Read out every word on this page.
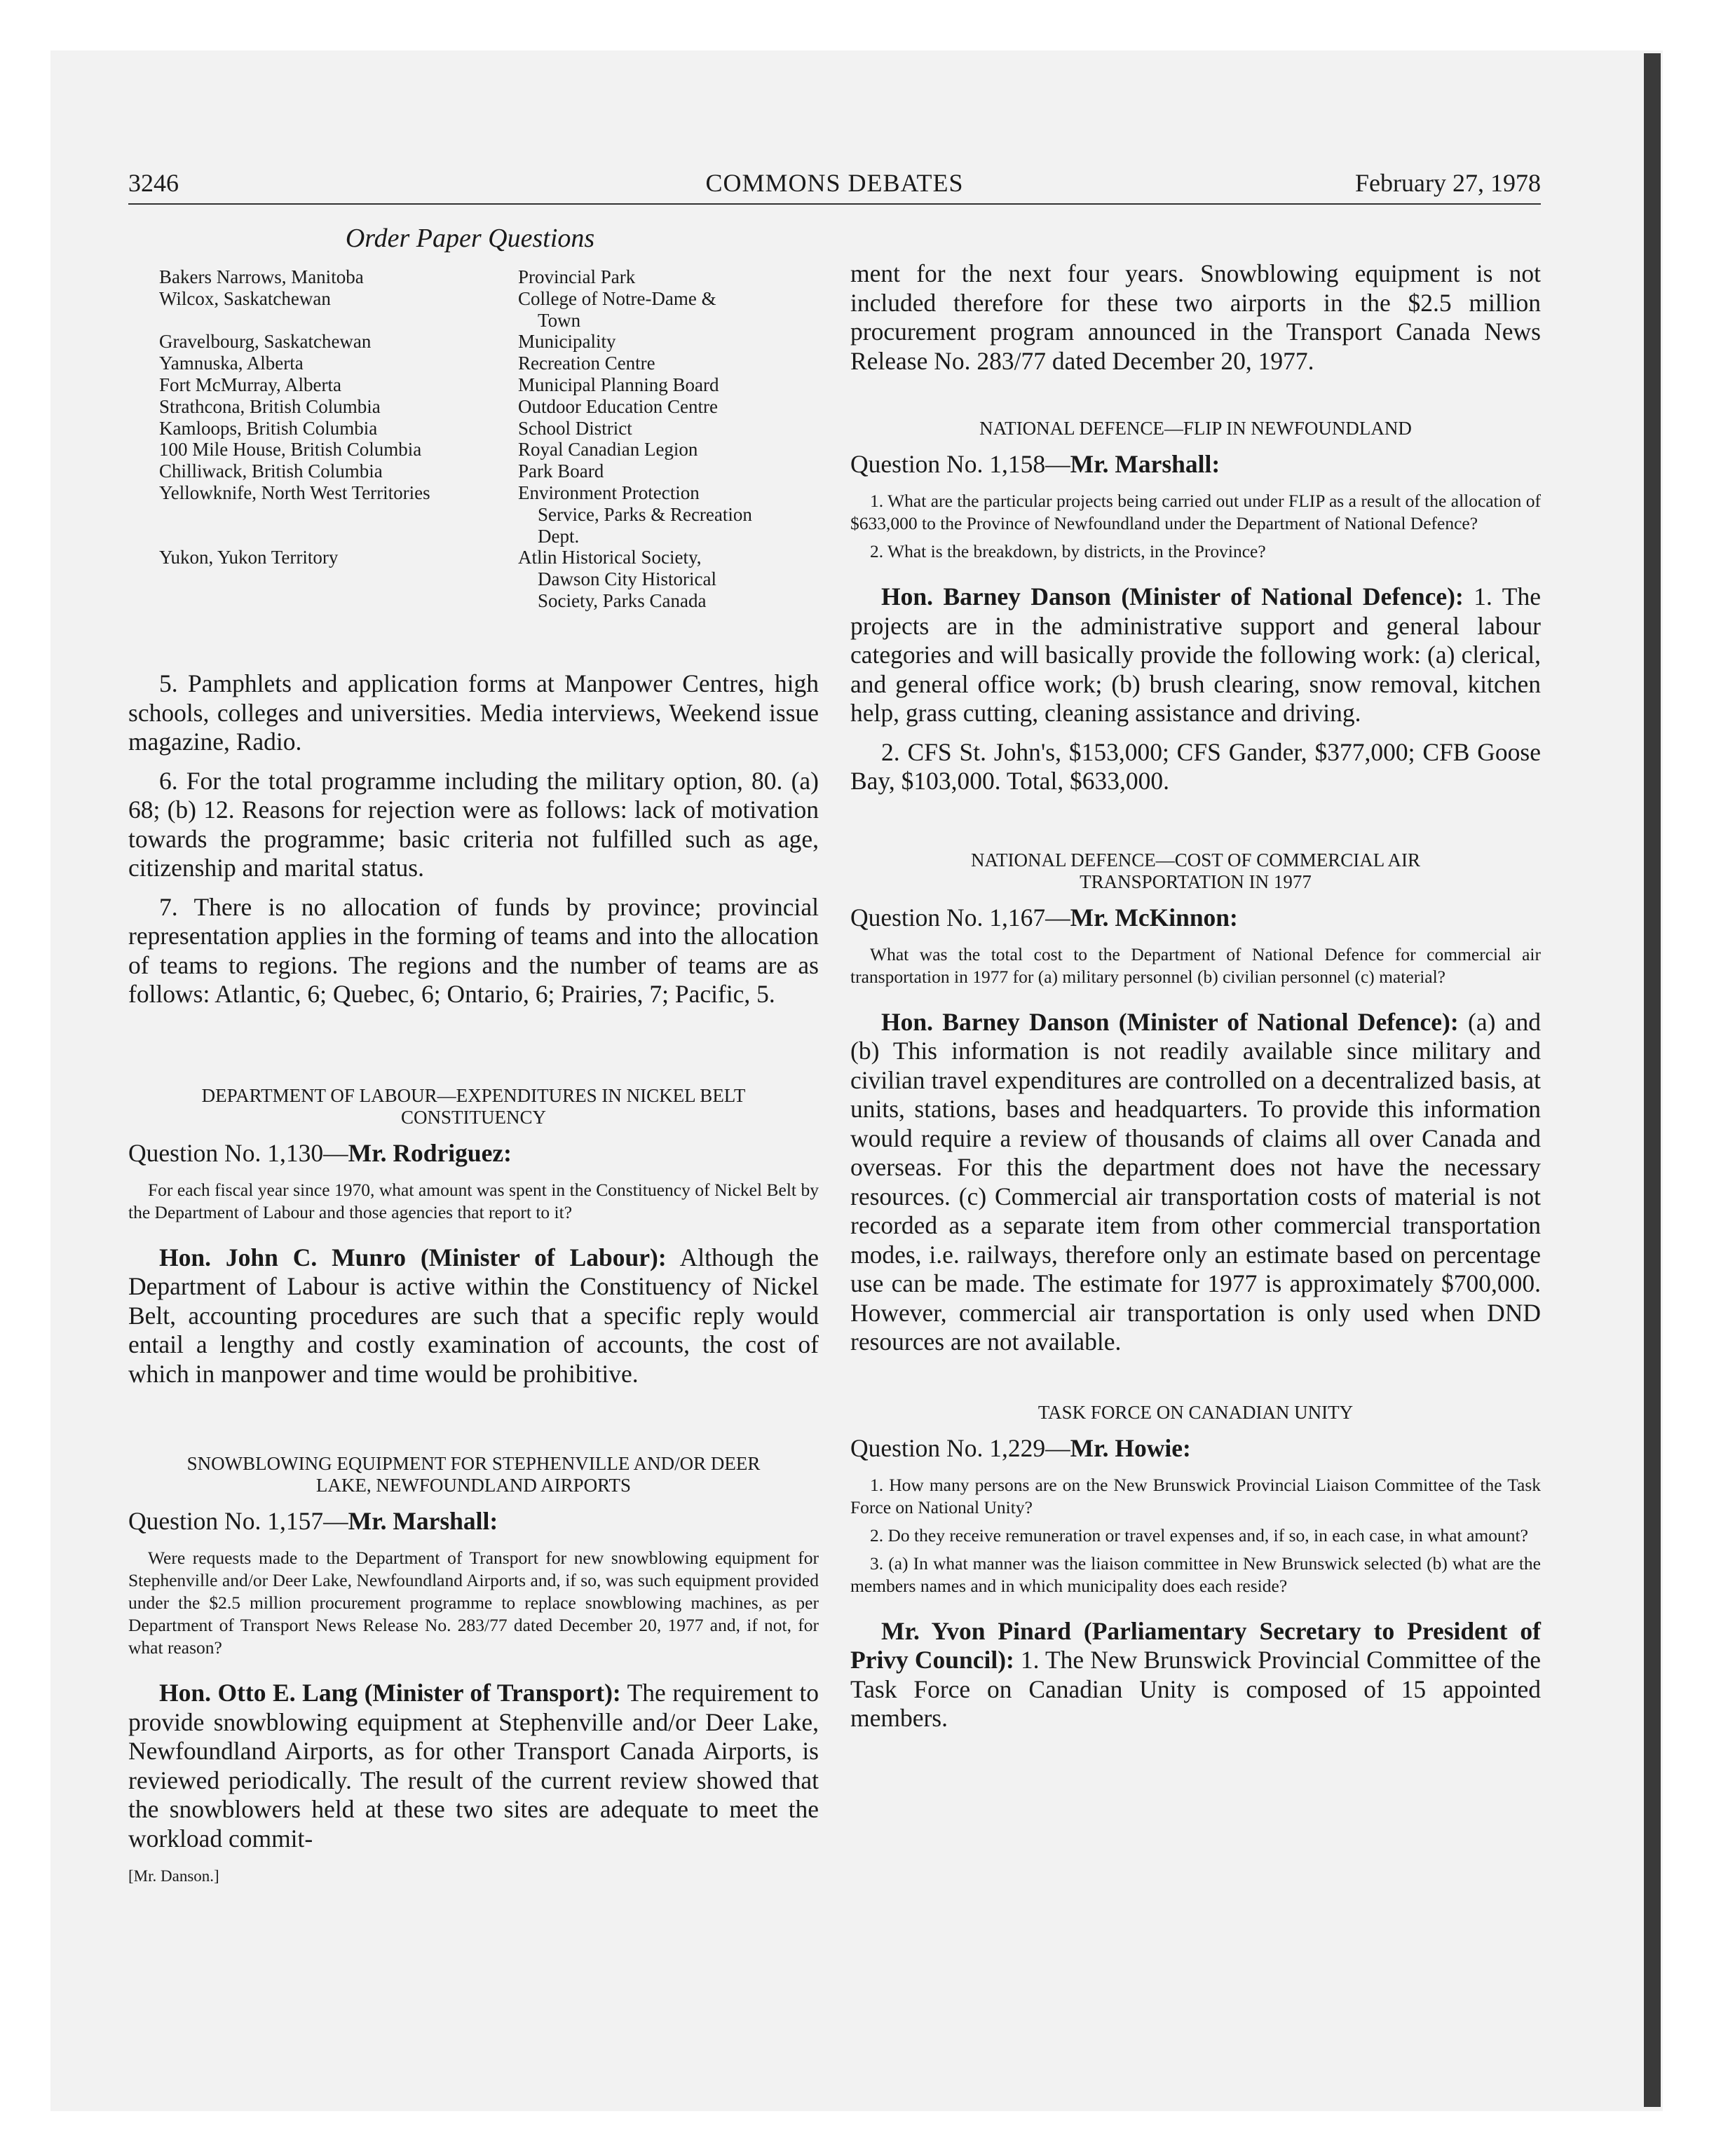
3246	COMMONS DEBATES	February 27, 1978
Order Paper Questions
Bakers Narrows, Manitoba	Provincial Park
Wilcox, Saskatchewan	College of Notre-Dame &
Town
Gravelbourg, Saskatchewan	Municipality
Yamnuska, Alberta	Recreation Centre
Fort McMurray, Alberta	Municipal Planning Board
Strathcona, British Columbia	Outdoor Education Centre
Kamloops, British Columbia	School District
100 Mile House, British Columbia	Royal Canadian Legion
Chilliwack, British Columbia	Park Board
Yellowknife, North West Territories	Environment Protection
Service, Parks & Recreation
Dept.
Yukon, Yukon Territory	Atlin Historical Society,
Dawson City Historical
Society, Parks Canada

5. Pamphlets and application forms at Manpower Centres, high schools, colleges and universities. Media interviews, Weekend issue magazine, Radio.

6. For the total programme including the military option, 80. (a) 68; (b) 12. Reasons for rejection were as follows: lack of motivation towards the programme; basic criteria not fulfilled such as age, citizenship and marital status.

7. There is no allocation of funds by province; provincial representation applies in the forming of teams and into the allocation of teams to regions. The regions and the number of teams are as follows: Atlantic, 6; Quebec, 6; Ontario, 6; Prairies, 7; Pacific, 5.

DEPARTMENT OF LABOUR—EXPENDITURES IN NICKEL BELT CONSTITUENCY

Question No. 1,130—Mr. Rodriguez:

For each fiscal year since 1970, what amount was spent in the Constituency of Nickel Belt by the Department of Labour and those agencies that report to it?

Hon. John C. Munro (Minister of Labour): Although the Department of Labour is active within the Constituency of Nickel Belt, accounting procedures are such that a specific reply would entail a lengthy and costly examination of accounts, the cost of which in manpower and time would be prohibitive.

SNOWBLOWING EQUIPMENT FOR STEPHENVILLE AND/OR DEER LAKE, NEWFOUNDLAND AIRPORTS

Question No. 1,157—Mr. Marshall:

Were requests made to the Department of Transport for new snowblowing equipment for Stephenville and/or Deer Lake, Newfoundland Airports and, if so, was such equipment provided under the $2.5 million procurement programme to replace snowblowing machines, as per Department of Transport News Release No. 283/77 dated December 20, 1977 and, if not, for what reason?

Hon. Otto E. Lang (Minister of Transport): The requirement to provide snowblowing equipment at Stephenville and/or Deer Lake, Newfoundland Airports, as for other Transport Canada Airports, is reviewed periodically. The result of the current review showed that the snowblowers held at these two sites are adequate to meet the workload commit-

[Mr. Danson.]

ment for the next four years. Snowblowing equipment is not included therefore for these two airports in the $2.5 million procurement program announced in the Transport Canada News Release No. 283/77 dated December 20, 1977.

NATIONAL DEFENCE—FLIP IN NEWFOUNDLAND

Question No. 1,158—Mr. Marshall:

1. What are the particular projects being carried out under FLIP as a result of the allocation of $633,000 to the Province of Newfoundland under the Department of National Defence?

2. What is the breakdown, by districts, in the Province?

Hon. Barney Danson (Minister of National Defence): 1. The projects are in the administrative support and general labour categories and will basically provide the following work: (a) clerical, and general office work; (b) brush clearing, snow removal, kitchen help, grass cutting, cleaning assistance and driving.

2. CFS St. John's, $153,000; CFS Gander, $377,000; CFB Goose Bay, $103,000. Total, $633,000.

NATIONAL DEFENCE—COST OF COMMERCIAL AIR TRANSPORTATION IN 1977

Question No. 1,167—Mr. McKinnon:

What was the total cost to the Department of National Defence for commercial air transportation in 1977 for (a) military personnel (b) civilian personnel (c) material?

Hon. Barney Danson (Minister of National Defence): (a) and (b) This information is not readily available since military and civilian travel expenditures are controlled on a decentralized basis, at units, stations, bases and headquarters. To provide this information would require a review of thousands of claims all over Canada and overseas. For this the department does not have the necessary resources. (c) Commercial air transportation costs of material is not recorded as a separate item from other commercial transportation modes, i.e. railways, therefore only an estimate based on percentage use can be made. The estimate for 1977 is approximately $700,000. However, commercial air transportation is only used when DND resources are not available.

TASK FORCE ON CANADIAN UNITY

Question No. 1,229—Mr. Howie:

1. How many persons are on the New Brunswick Provincial Liaison Committee of the Task Force on National Unity?

2. Do they receive remuneration or travel expenses and, if so, in each case, in what amount?

3. (a) In what manner was the liaison committee in New Brunswick selected (b) what are the members names and in which municipality does each reside?

Mr. Yvon Pinard (Parliamentary Secretary to President of Privy Council): 1. The New Brunswick Provincial Committee of the Task Force on Canadian Unity is composed of 15 appointed members.
